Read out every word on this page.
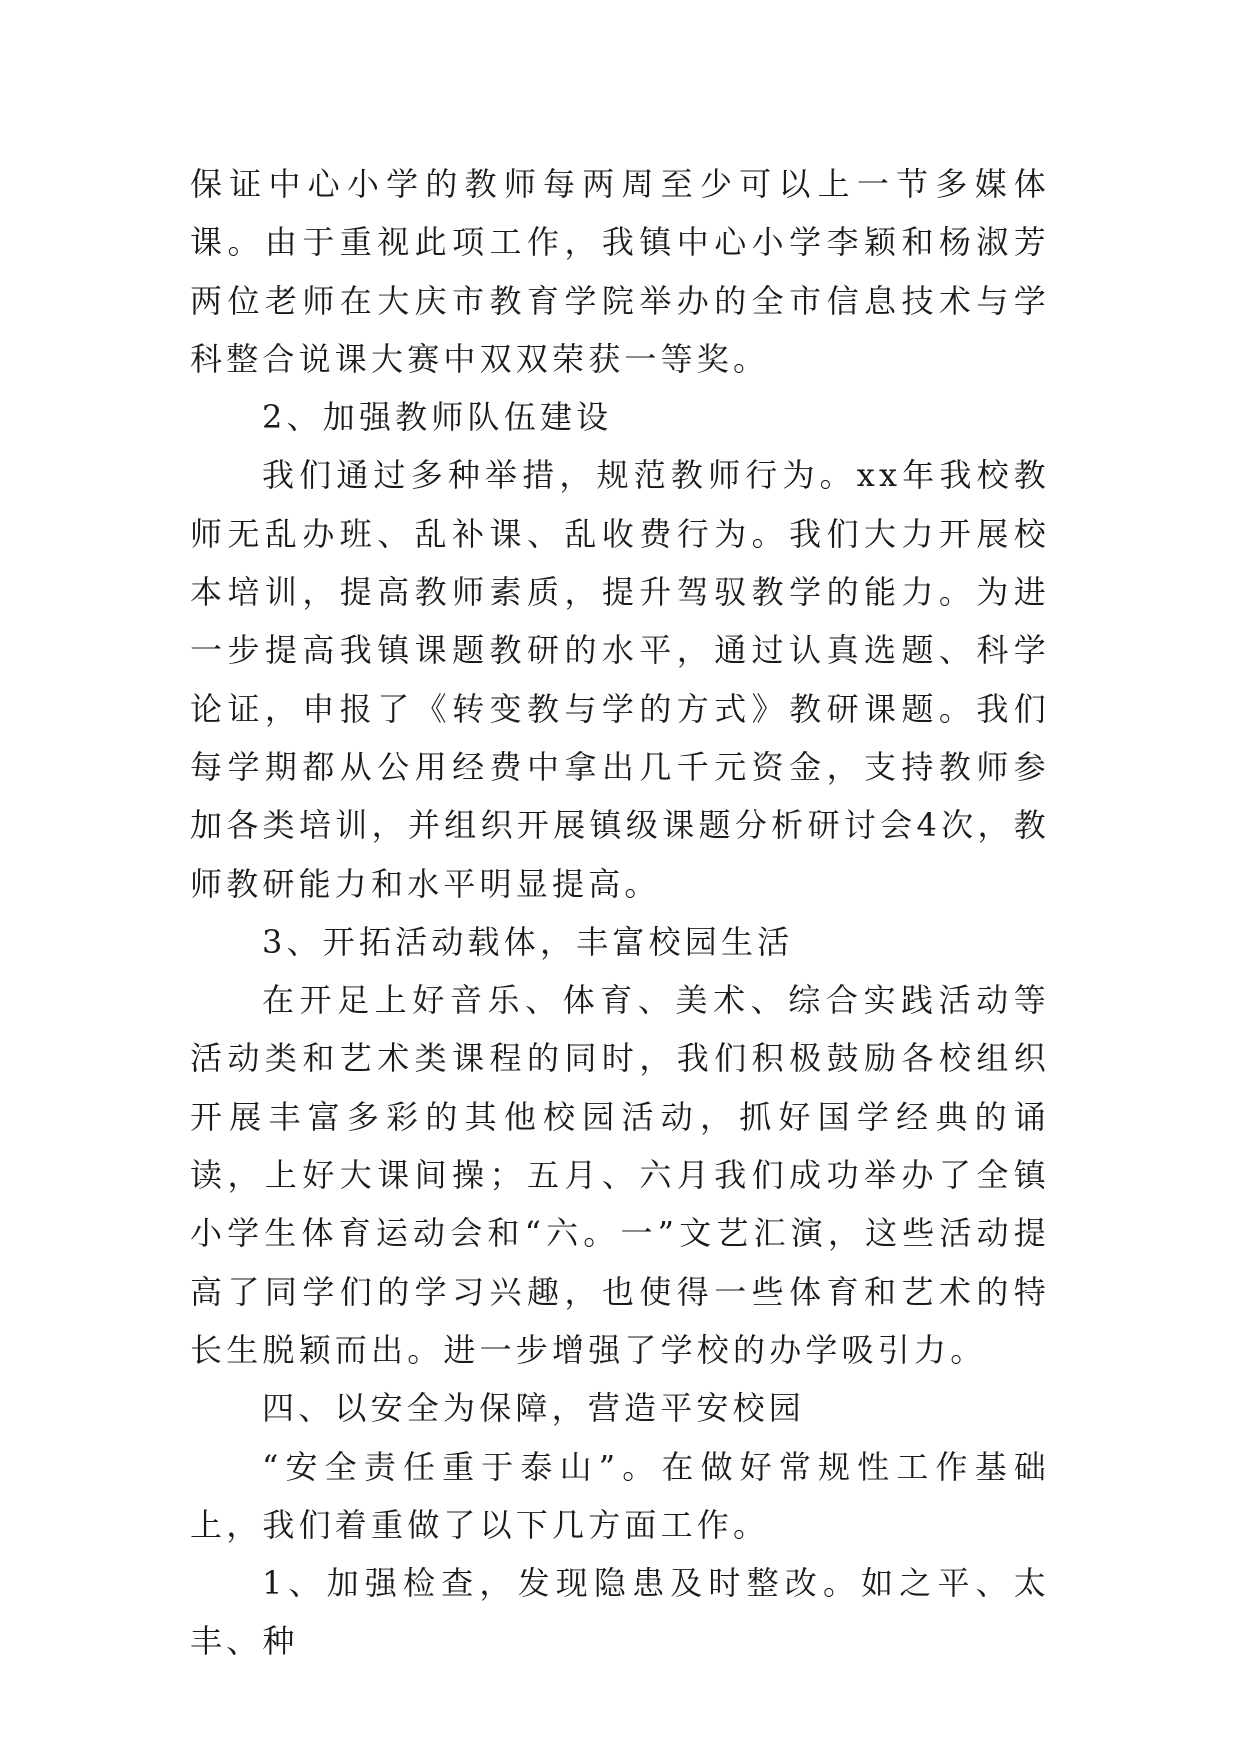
保证中心小学的教师每两周至少可以上一节多媒体课。由于重视此项工作，我镇中心小学李颖和杨淑芳两位老师在大庆市教育学院举办的全市信息技术与学科整合说课大赛中双双荣获一等奖。

2、加强教师队伍建设

我们通过多种举措，规范教师行为。xx年我校教师无乱办班、乱补课、乱收费行为。我们大力开展校本培训，提高教师素质，提升驾驭教学的能力。为进一步提高我镇课题教研的水平，通过认真选题、科学论证，申报了《转变教与学的方式》教研课题。我们每学期都从公用经费中拿出几千元资金，支持教师参加各类培训，并组织开展镇级课题分析研讨会4次，教师教研能力和水平明显提高。

3、开拓活动载体，丰富校园生活

在开足上好音乐、体育、美术、综合实践活动等活动类和艺术类课程的同时，我们积极鼓励各校组织开展丰富多彩的其他校园活动，抓好国学经典的诵读，上好大课间操；五月、六月我们成功举办了全镇小学生体育运动会和“六。一”文艺汇演，这些活动提高了同学们的学习兴趣，也使得一些体育和艺术的特长生脱颖而出。进一步增强了学校的办学吸引力。

四、以安全为保障，营造平安校园

“安全责任重于泰山”。在做好常规性工作基础上，我们着重做了以下几方面工作。

1、加强检查，发现隐患及时整改。如之平、太丰、种
